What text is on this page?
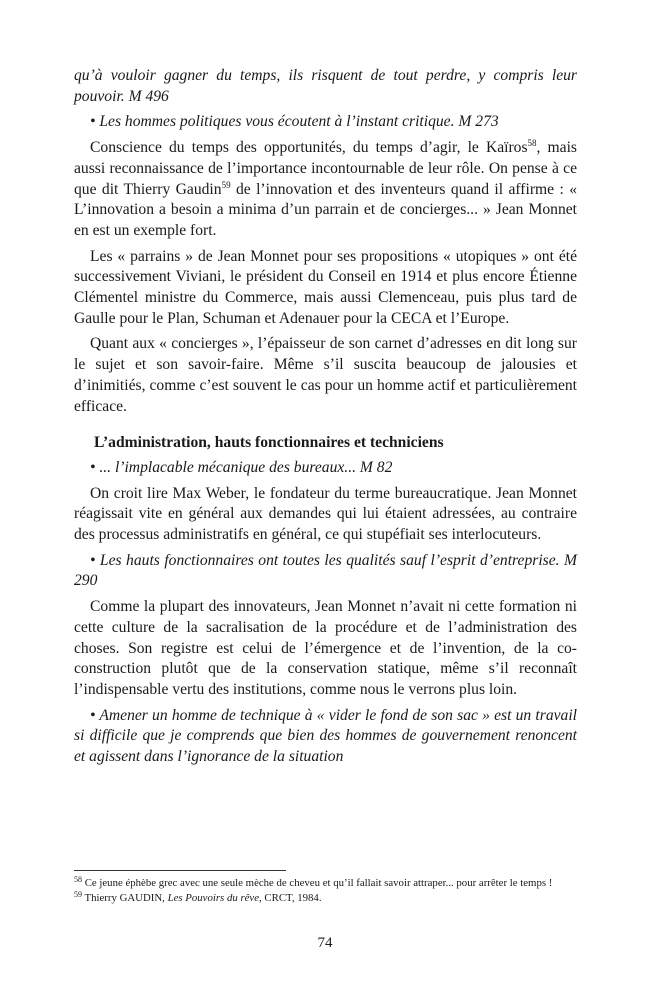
qu’à vouloir gagner du temps, ils risquent de tout perdre, y compris leur pouvoir. M 496

• Les hommes politiques vous écoutent à l’instant critique. M 273

Conscience du temps des opportunités, du temps d’agir, le Kaïros$^{58}$, mais aussi reconnaissance de l’importance incontournable de leur rôle. On pense à ce que dit Thierry Gaudin$^{59}$ de l’innovation et des inventeurs quand il affirme : « L’innovation a besoin a minima d’un parrain et de concierges... » Jean Monnet en est un exemple fort.

Les « parrains » de Jean Monnet pour ses propositions « utopiques » ont été successivement Viviani, le président du Conseil en 1914 et plus encore Étienne Clémentel ministre du Commerce, mais aussi Clemenceau, puis plus tard de Gaulle pour le Plan, Schuman et Adenauer pour la CECA et l’Europe.

Quant aux « concierges », l’épaisseur de son carnet d’adresses en dit long sur le sujet et son savoir-faire. Même s’il suscita beaucoup de jalousies et d’inimitiés, comme c’est souvent le cas pour un homme actif et particulièrement efficace.

L’administration, hauts fonctionnaires et techniciens

• ... l’implacable mécanique des bureaux... M 82

On croit lire Max Weber, le fondateur du terme bureaucratique. Jean Monnet réagissait vite en général aux demandes qui lui étaient adressées, au contraire des processus administratifs en général, ce qui stupéfiait ses interlocuteurs.

• Les hauts fonctionnaires ont toutes les qualités sauf l’esprit d’entreprise. M 290

Comme la plupart des innovateurs, Jean Monnet n’avait ni cette formation ni cette culture de la sacralisation de la procédure et de l’administration des choses. Son registre est celui de l’émergence et de l’invention, de la co-construction plutôt que de la conservation statique, même s’il reconnaît l’indispensable vertu des institutions, comme nous le verrons plus loin.

• Amener un homme de technique à « vider le fond de son sac » est un travail si difficile que je comprends que bien des hommes de gouvernement renoncent et agissent dans l’ignorance de la situation

$^{58}$ Ce jeune éphèbe grec avec une seule mèche de cheveu et qu’il fallait savoir attraper... pour arrêter le temps !

$^{59}$ Thierry GAUDIN, Les Pouvoirs du rêve, CRCT, 1984.

74
